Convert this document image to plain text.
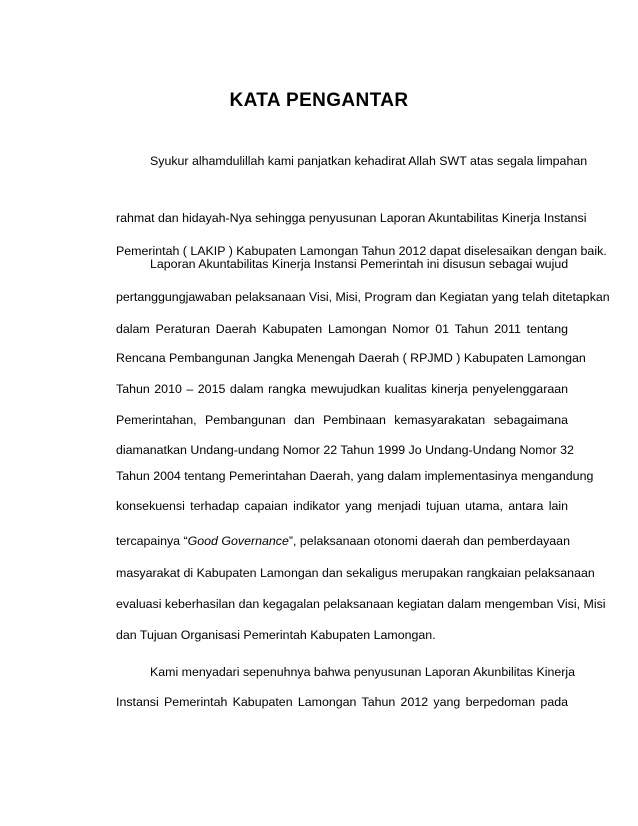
KATA PENGANTAR
Syukur alhamdulillah kami panjatkan kehadirat Allah SWT atas segala limpahan
rahmat dan hidayah-Nya sehingga penyusunan Laporan Akuntabilitas Kinerja Instansi
Pemerintah ( LAKIP ) Kabupaten Lamongan Tahun 2012 dapat diselesaikan dengan baik.
Laporan Akuntabilitas Kinerja Instansi Pemerintah ini disusun sebagai wujud
pertanggungjawaban pelaksanaan Visi, Misi, Program dan Kegiatan yang telah ditetapkan
dalam Peraturan Daerah Kabupaten Lamongan Nomor 01 Tahun 2011 tentang
Rencana Pembangunan Jangka Menengah Daerah ( RPJMD ) Kabupaten Lamongan
Tahun 2010 – 2015 dalam rangka mewujudkan kualitas kinerja penyelenggaraan
Pemerintahan, Pembangunan dan Pembinaan kemasyarakatan sebagaimana
diamanatkan Undang-undang Nomor 22 Tahun 1999 Jo Undang-Undang Nomor 32
Tahun 2004 tentang Pemerintahan Daerah, yang dalam implementasinya mengandung
konsekuensi terhadap capaian indikator yang menjadi tujuan utama, antara lain
tercapainya “Good Governance”, pelaksanaan otonomi daerah dan pemberdayaan
masyarakat di Kabupaten Lamongan dan sekaligus merupakan rangkaian pelaksanaan
evaluasi keberhasilan dan kegagalan pelaksanaan kegiatan dalam mengemban Visi, Misi
dan Tujuan Organisasi Pemerintah Kabupaten Lamongan.
Kami menyadari sepenuhnya bahwa penyusunan Laporan Akunbilitas Kinerja
Instansi Pemerintah Kabupaten Lamongan Tahun 2012 yang berpedoman pada
